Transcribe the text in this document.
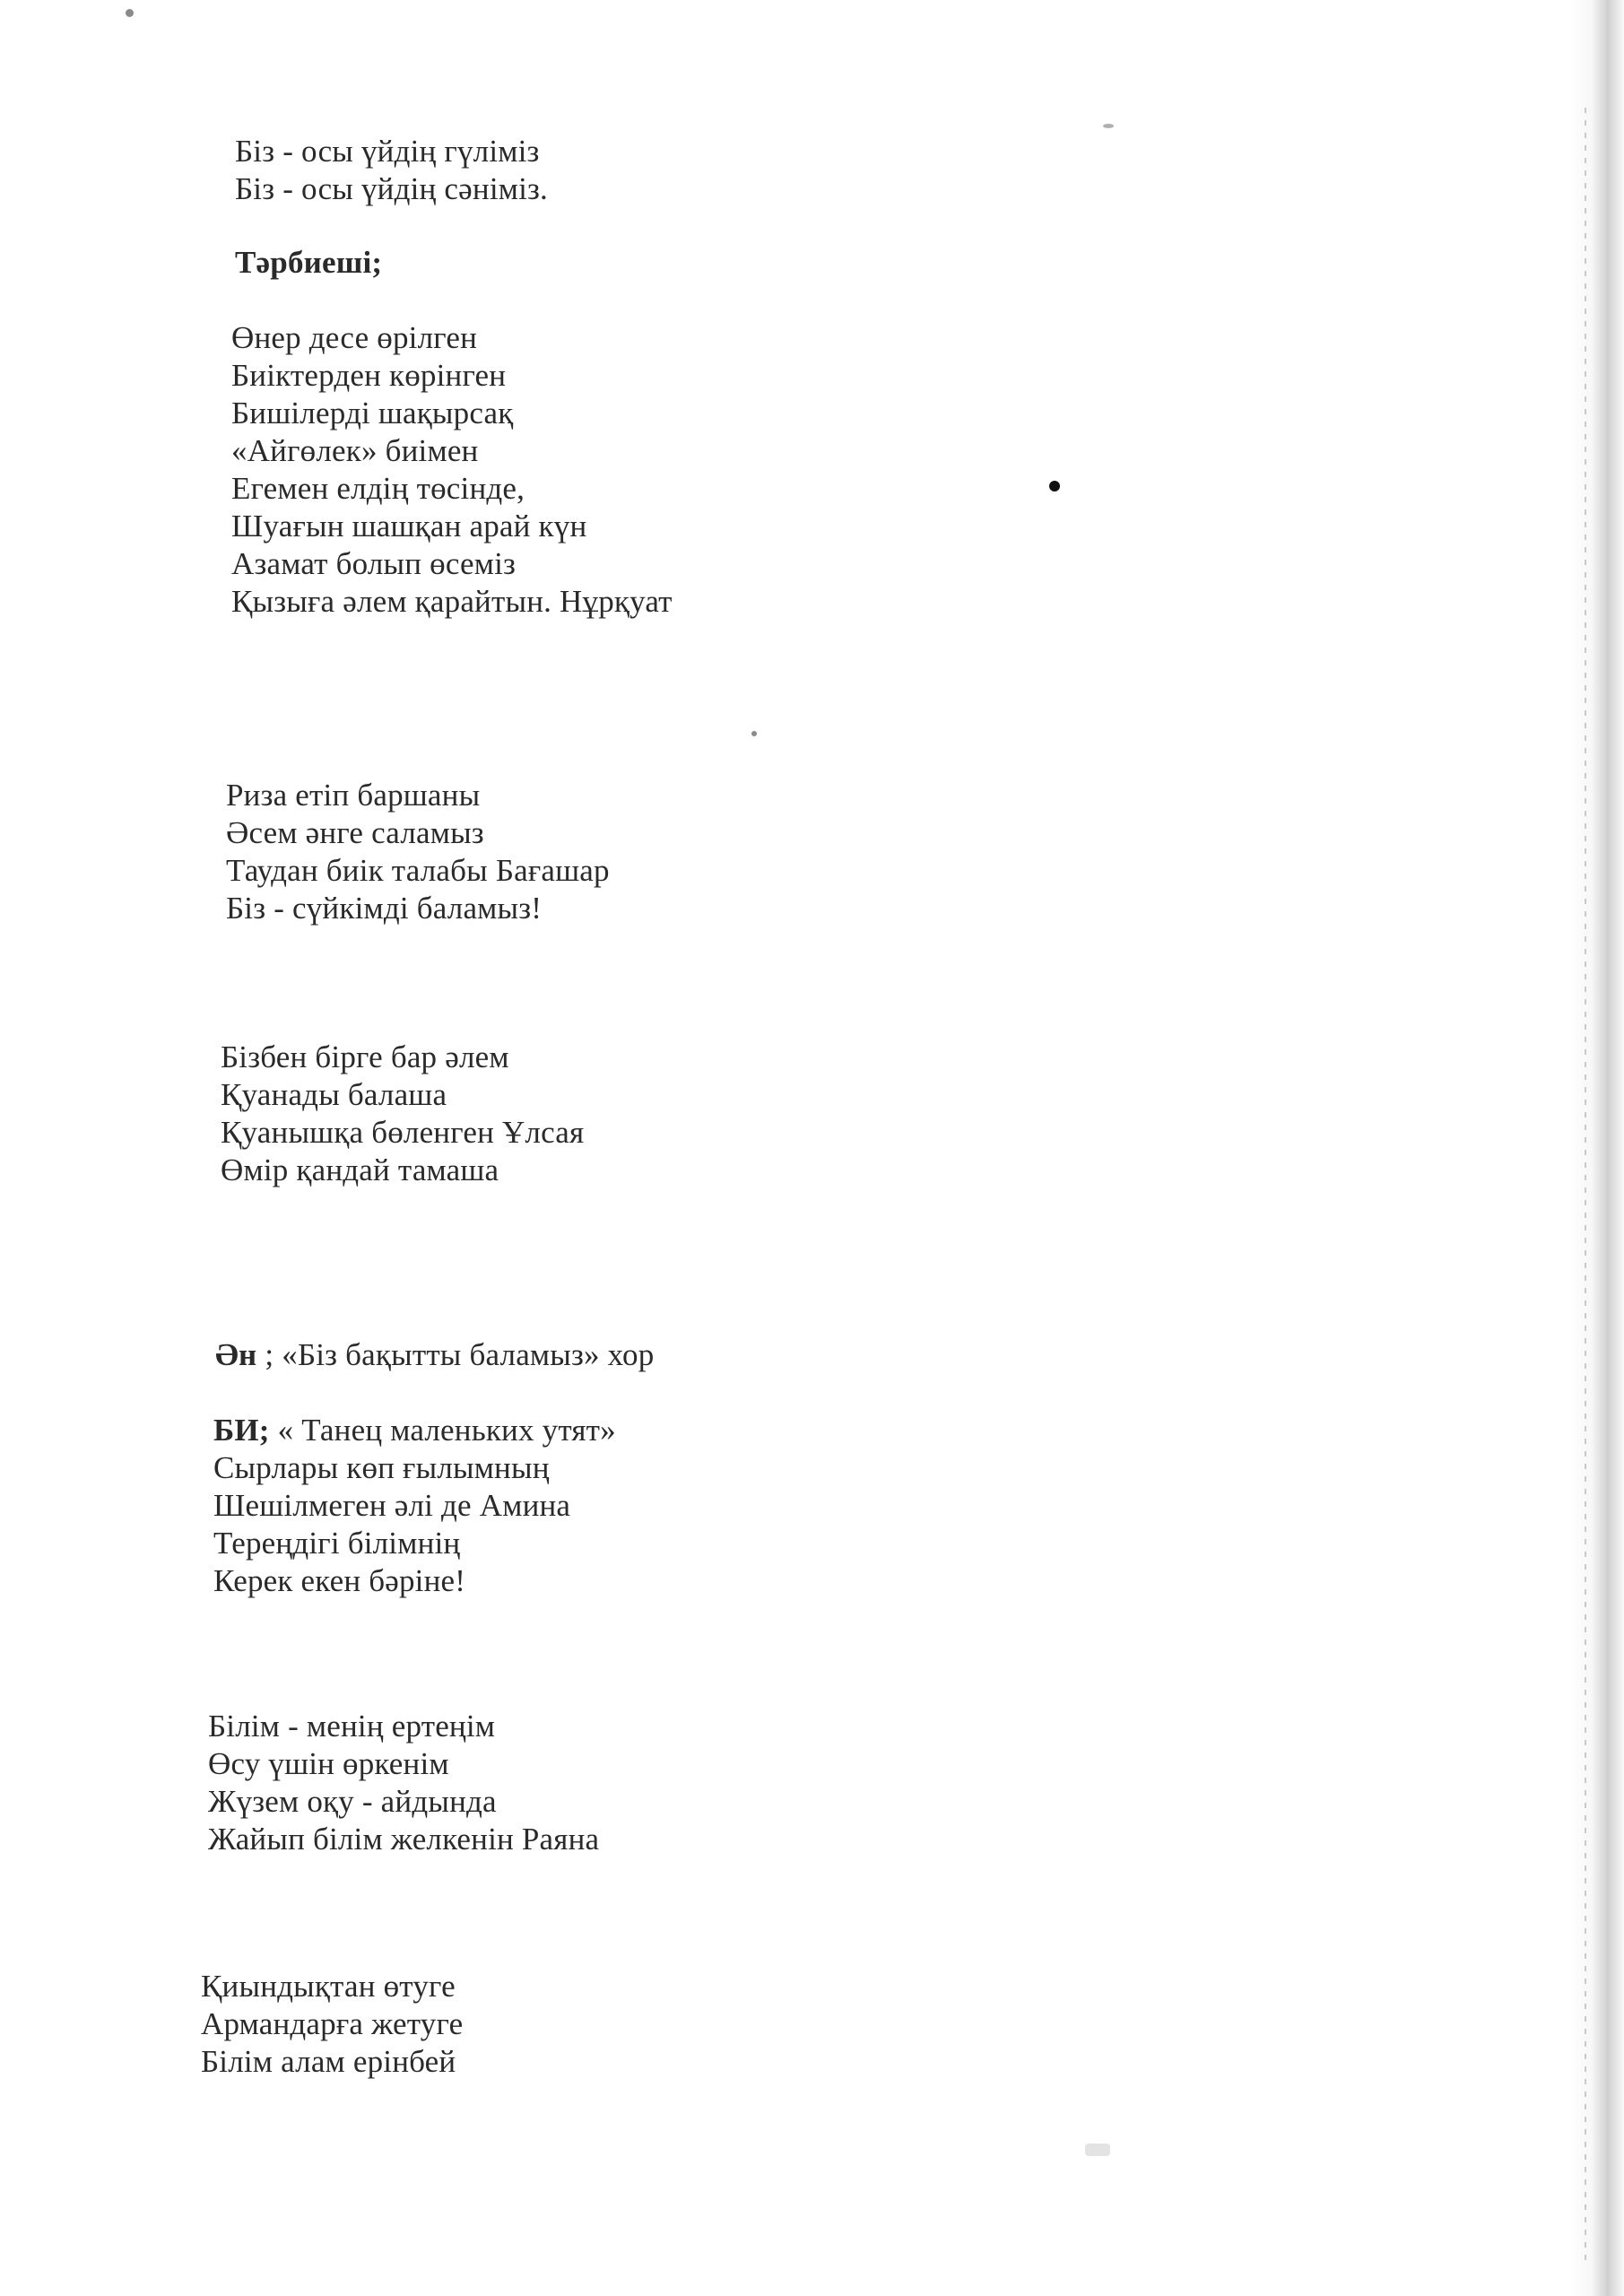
Біз - осы үйдің гүліміз
Біз - осы үйдің сәніміз.
Тәрбиеші;
Өнер десе өрілген
Биіктерден көрінген
Бишілерді шақырсақ
«Айгөлек» биімен
Егемен елдің төсінде,
Шуағын шашқан арай күн
Азамат болып өсеміз
Қызыға әлем қарайтын. Нұрқуат
Риза етіп баршаны
Әсем әнге саламыз
Таудан биік талабы Бағашар
Біз - сүйкімді баламыз!
Бізбен бірге бар әлем
Қуанады балаша
Қуанышқа бөленген Ұлсая
Өмір қандай тамаша
Ән ; «Біз бақытты баламыз» хор
БИ; « Танец маленьких утят»
Сырлары көп ғылымның
Шешілмеген әлі де Амина
Тереңдігі білімнің
Керек екен бәріне!
Білім - менің ертеңім
Өсу үшін өркенім
Жүзем оқу - айдында
Жайып білім желкенін Раяна
Қиындықтан өтуге
Армандарға жетуге
Білім алам ерінбей
